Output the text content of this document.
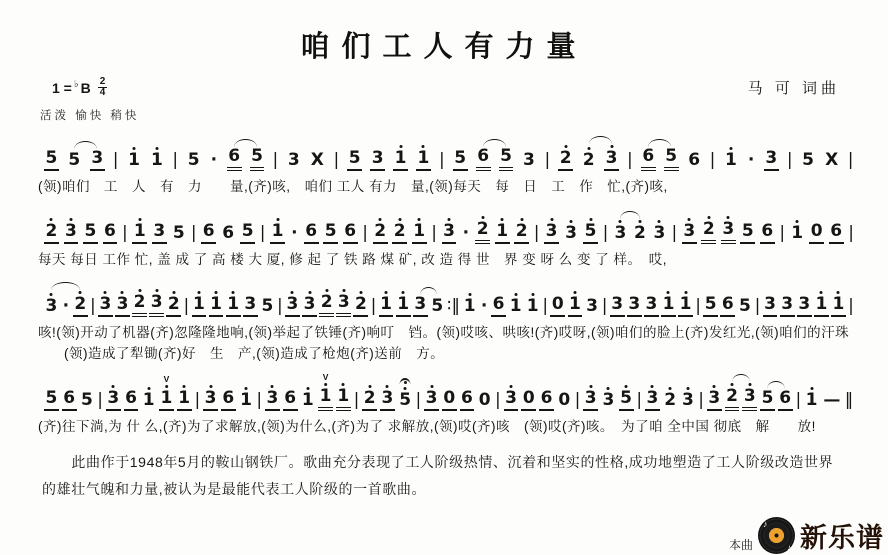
咱们工人有力量
1 =♭ B $\frac{2}{4}$	马 可 词曲
活泼 愉快 稍快
5 5 3 | 1 1 | 5 · 6 5 | 3 X | 5 3 1 1 | 5 6 5 3 | 2 2 3 | 6 5 6 | 1 · 3 | 5 X |
(领)咱们　工　人　有　力　　量,(齐)咳,　咱们 工人 有力　量,(领)每天　每　日　工　作　忙,(齐)咳,
2 3 5 6 | 1 3 5 | 6 6 5 | 1 · 6 5 6 | 2 2 1 | 3 · 2 1 2 | 3 3 5 | 3 2 3 | 3 2 3 5 6 | 1 0 6 |
每天 每日 工作 忙, 盖 成 了 高 楼 大 厦, 修 起 了 铁 路 煤 矿, 改 造 得 世　界 变 呀 么 变 了 样。　哎,
3 · 2 | 3 3 2 3 2 | 1 1 1 3 5 | 3 3 2 3 2 | 1 1 3 5 ∶‖ 1 · 6 1 1 | 0 1 3 | 3 3 3 1 1 | 5 6 5 | 3 3 3 1 1 |
咳!(领)开动了机器(齐)忽隆隆地响,(领)举起了铁锤(齐)响叮　铛。(领)哎咳、哄咳!(齐)哎呀,(领)咱们的脸上(齐)发红光,(领)咱们的汗珠
(领)造成了犁锄(齐)好　生　产,(领)造成了枪炮(齐)送前　方。
5 6 5 | 3 6 1
V
1 1 | 3 6 1 | 3 6 1
V
1 1 | 2 3 5 | 3 0 6 0 | 3 0 6 0 | 3 3 5 | 3 2 3 | 3 2 3 5 6 | 1 — ‖
(齐)往下淌,为 什 么,(齐)为了求解放,(领)为什么,(齐)为了 求解放,(领)哎(齐)咳　(领)哎(齐)咳。　为了咱 全中国 彻底　解　　放!

此曲作于1948年5月的鞍山钢铁厂。歌曲充分表现了工人阶级热情、沉着和坚实的性格,成功地塑造了工人阶级改造世界的雄壮气魄和力量,被认为是最能代表工人阶级的一首歌曲。

本曲 ♪ ♪ 新乐谱
